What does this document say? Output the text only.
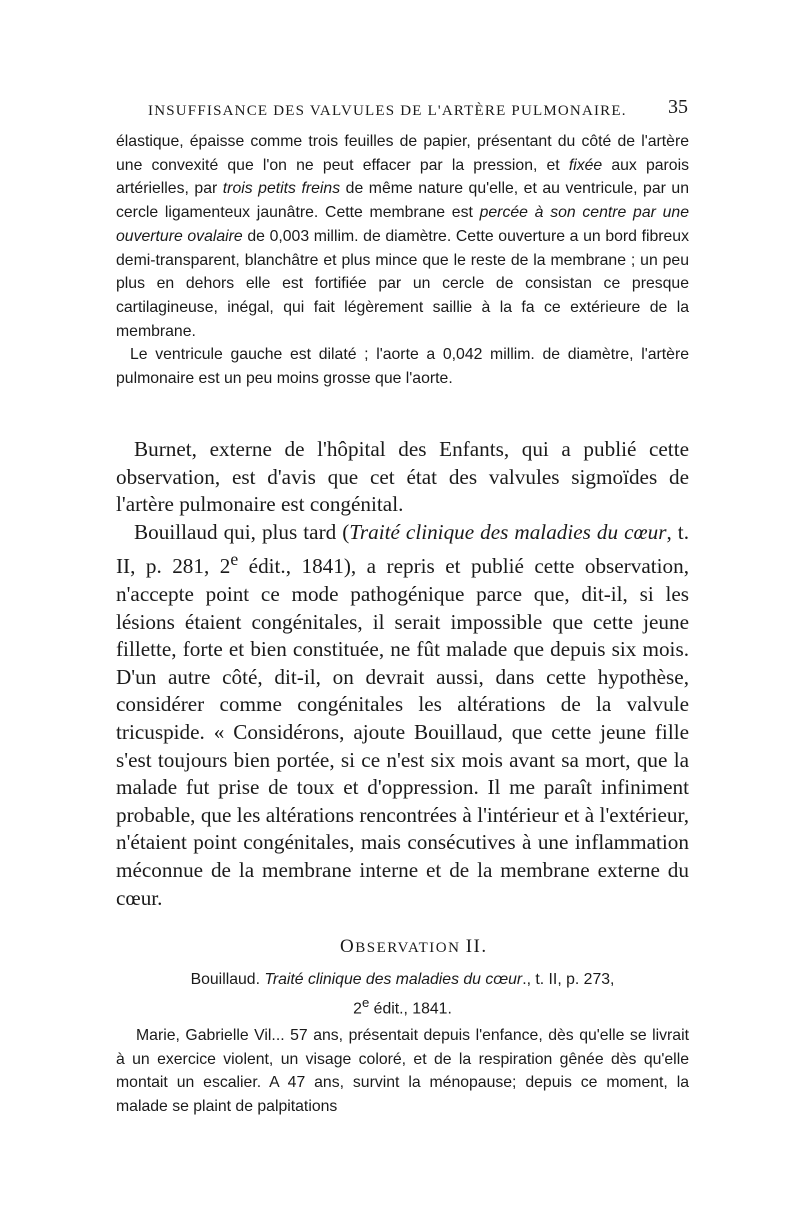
INSUFFISANCE DES VALVULES DE L'ARTÈRE PULMONAIRE. 35

élastique, épaisse comme trois feuilles de papier, présentant du côté de l'artère une convexité que l'on ne peut effacer par la pression, et fixée aux parois artérielles, par trois petits freins de même nature qu'elle, et au ventricule, par un cercle ligamenteux jaunâtre. Cette membrane est percée à son centre par une ouverture ovalaire de 0,003 millim. de diamètre. Cette ouverture a un bord fibreux demi-transparent, blanchâtre et plus mince que le reste de la membrane ; un peu plus en dehors elle est fortifiée par un cercle de consistan ce presque cartilagineuse, inégal, qui fait légèrement saillie à la fa ce extérieure de la membrane.

Le ventricule gauche est dilaté ; l'aorte a 0,042 millim. de diamètre, l'artère pulmonaire est un peu moins grosse que l'aorte.

Burnet, externe de l'hôpital des Enfants, qui a publié cette observation, est d'avis que cet état des valvules sigmoïdes de l'artère pulmonaire est congénital.

Bouillaud qui, plus tard (Traité clinique des maladies du cœur, t. II, p. 281, 2e édit., 1841), a repris et publié cette observation, n'accepte point ce mode pathogénique parce que, dit-il, si les lésions étaient congénitales, il serait impossible que cette jeune fillette, forte et bien constituée, ne fût malade que depuis six mois. D'un autre côté, dit-il, on devrait aussi, dans cette hypothèse, considérer comme congénitales les altérations de la valvule tricuspide. « Considérons, ajoute Bouillaud, que cette jeune fille s'est toujours bien portée, si ce n'est six mois avant sa mort, que la malade fut prise de toux et d'oppression. Il me paraît infiniment probable, que les altérations rencontrées à l'intérieur et à l'extérieur, n'étaient point congénitales, mais consécutives à une inflammation méconnue de la membrane interne et de la membrane externe du cœur.

OBSERVATION II.

Bouillaud. Traité clinique des maladies du cœur., t. II, p. 273,
2e édit., 1841.

Marie, Gabrielle Vil... 57 ans, présentait depuis l'enfance, dès qu'elle se livrait à un exercice violent, un visage coloré, et de la respiration gênée dès qu'elle montait un escalier. A 47 ans, survint la ménopause; depuis ce moment, la malade se plaint de palpitations
